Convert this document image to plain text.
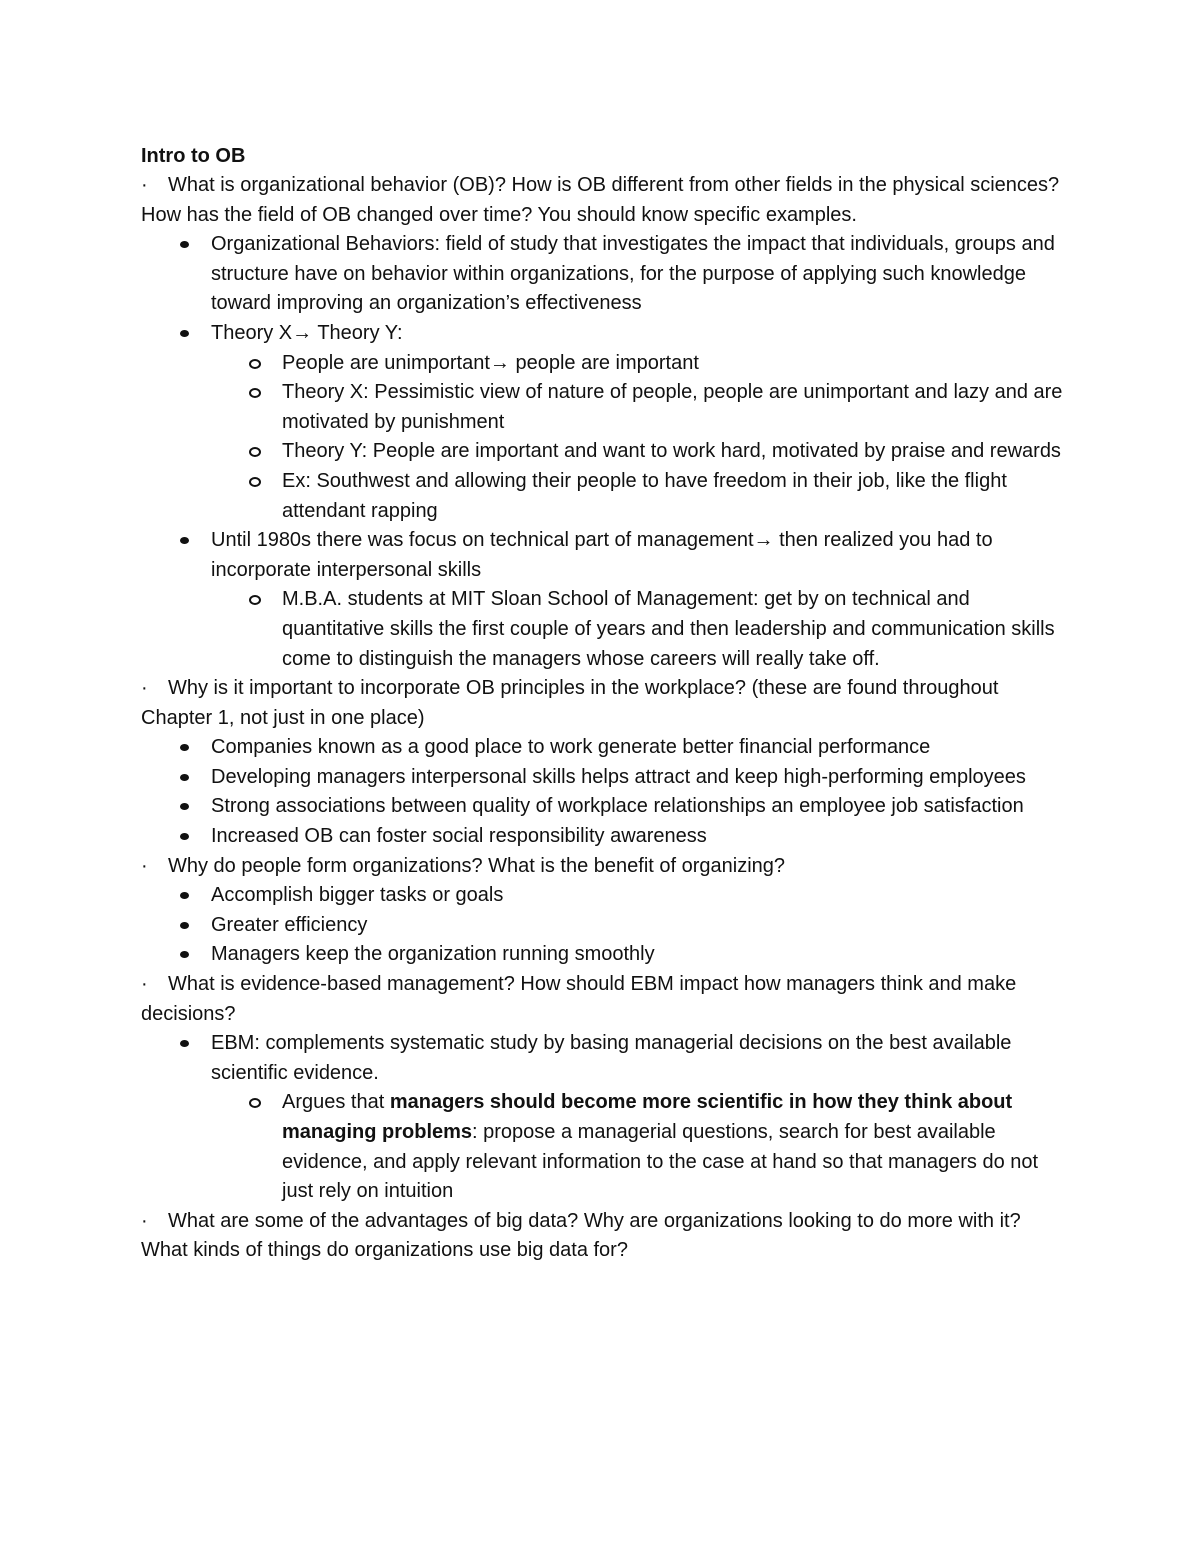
Intro to OB

· What is organizational behavior (OB)? How is OB different from other fields in the physical sciences? How has the field of OB changed over time? You should know specific examples.

Organizational Behaviors: field of study that investigates the impact that individuals, groups and structure have on behavior within organizations, for the purpose of applying such knowledge toward improving an organization’s effectiveness
Theory X→ Theory Y:
People are unimportant→ people are important
Theory X: Pessimistic view of nature of people, people are unimportant and lazy and are motivated by punishment
Theory Y: People are important and want to work hard, motivated by praise and rewards
Ex: Southwest and allowing their people to have freedom in their job, like the flight attendant rapping
Until 1980s there was focus on technical part of management→ then realized you had to incorporate interpersonal skills
M.B.A. students at MIT Sloan School of Management: get by on technical and quantitative skills the first couple of years and then leadership and communication skills come to distinguish the managers whose careers will really take off.

· Why is it important to incorporate OB principles in the workplace? (these are found throughout Chapter 1, not just in one place)

Companies known as a good place to work generate better financial performance
Developing managers interpersonal skills helps attract and keep high-performing employees
Strong associations between quality of workplace relationships an employee job satisfaction
Increased OB can foster social responsibility awareness

· Why do people form organizations? What is the benefit of organizing?

Accomplish bigger tasks or goals
Greater efficiency
Managers keep the organization running smoothly

· What is evidence-based management? How should EBM impact how managers think and make decisions?

EBM: complements systematic study by basing managerial decisions on the best available scientific evidence.
Argues that managers should become more scientific in how they think about managing problems: propose a managerial questions, search for best available evidence, and apply relevant information to the case at hand so that managers do not just rely on intuition

· What are some of the advantages of big data? Why are organizations looking to do more with it? What kinds of things do organizations use big data for?
